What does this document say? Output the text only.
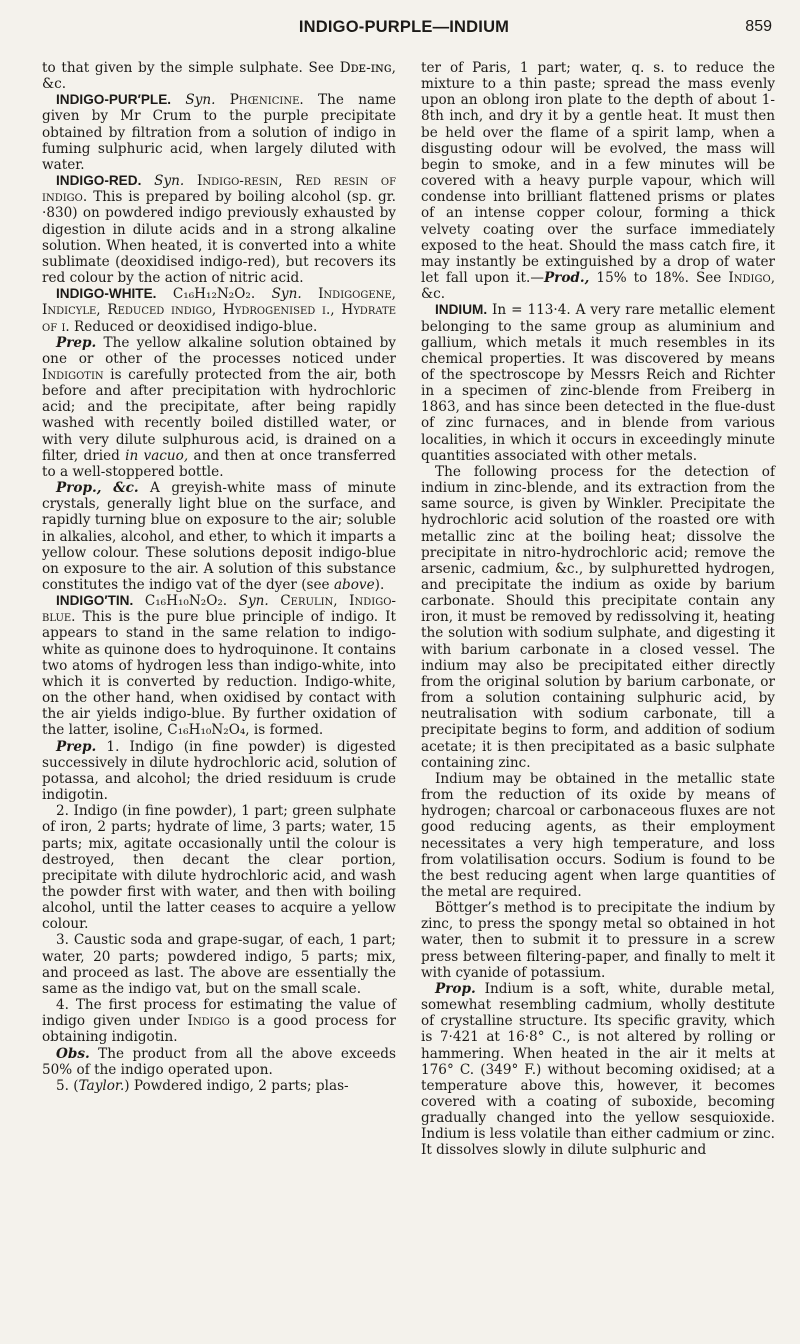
INDIGO-PURPLE—INDIUM	859

to that given by the simple sulphate. See Dᴅᴇ‑ɪɴɢ, &c.

INDIGO-PUR′PLE. Syn. Phœnicine. The name given by Mr Crum to the purple precipitate obtained by filtration from a solution of indigo in fuming sulphuric acid, when largely diluted with water.

INDIGO-RED. Syn. Indigo-resin, Red resin of indigo. This is prepared by boiling alcohol (sp. gr. ·830) on powdered indigo previously exhausted by digestion in dilute acids and in a strong alkaline solution. When heated, it is converted into a white sublimate (deoxidised indigo-red), but recovers its red colour by the action of nitric acid.

INDIGO-WHITE. C₁₆H₁₂N₂O₂. Syn. Indigogene, Indicyle, Reduced indigo, Hydrogenised i., Hydrate of i. Reduced or deoxidised indigo-blue.

Prep. The yellow alkaline solution obtained by one or other of the processes noticed under Indigotin is carefully protected from the air, both before and after precipitation with hydrochloric acid; and the precipitate, after being rapidly washed with recently boiled distilled water, or with very dilute sulphurous acid, is drained on a filter, dried in vacuo, and then at once transferred to a well-stoppered bottle.

Prop., &c. A greyish-white mass of minute crystals, generally light blue on the surface, and rapidly turning blue on exposure to the air; soluble in alkalies, alcohol, and ether, to which it imparts a yellow colour. These solutions deposit indigo-blue on exposure to the air. A solution of this substance constitutes the indigo vat of the dyer (see above).

INDIGO′TIN. C₁₆H₁₀N₂O₂. Syn. Cerulin, Indigo-blue. This is the pure blue principle of indigo. It appears to stand in the same relation to indigo-white as quinone does to hydroquinone. It contains two atoms of hydrogen less than indigo-white, into which it is converted by reduction. Indigo-white, on the other hand, when oxidised by contact with the air yields indigo-blue. By further oxidation of the latter, isoline, C₁₆H₁₀N₂O₄, is formed.

Prep. 1. Indigo (in fine powder) is digested successively in dilute hydrochloric acid, solution of potassa, and alcohol; the dried residuum is crude indigotin.

2. Indigo (in fine powder), 1 part; green sulphate of iron, 2 parts; hydrate of lime, 3 parts; water, 15 parts; mix, agitate occasionally until the colour is destroyed, then decant the clear portion, precipitate with dilute hydrochloric acid, and wash the powder first with water, and then with boiling alcohol, until the latter ceases to acquire a yellow colour.

3. Caustic soda and grape-sugar, of each, 1 part; water, 20 parts; powdered indigo, 5 parts; mix, and proceed as last. The above are essentially the same as the indigo vat, but on the small scale.

4. The first process for estimating the value of indigo given under Indigo is a good process for obtaining indigotin.

Obs. The product from all the above exceeds 50% of the indigo operated upon.

5. (Taylor.) Powdered indigo, 2 parts; plas-

ter of Paris, 1 part; water, q. s. to reduce the mixture to a thin paste; spread the mass evenly upon an oblong iron plate to the depth of about 1-8th inch, and dry it by a gentle heat. It must then be held over the flame of a spirit lamp, when a disgusting odour will be evolved, the mass will begin to smoke, and in a few minutes will be covered with a heavy purple vapour, which will condense into brilliant flattened prisms or plates of an intense copper colour, forming a thick velvety coating over the surface immediately exposed to the heat. Should the mass catch fire, it may instantly be extinguished by a drop of water let fall upon it.—Prod., 15% to 18%. See Indigo, &c.

INDIUM. In = 113·4. A very rare metallic element belonging to the same group as aluminium and gallium, which metals it much resembles in its chemical properties. It was discovered by means of the spectroscope by Messrs Reich and Richter in a specimen of zinc-blende from Freiberg in 1863, and has since been detected in the flue-dust of zinc furnaces, and in blende from various localities, in which it occurs in exceedingly minute quantities associated with other metals.

The following process for the detection of indium in zinc-blende, and its extraction from the same source, is given by Winkler. Precipitate the hydrochloric acid solution of the roasted ore with metallic zinc at the boiling heat; dissolve the precipitate in nitro-hydrochloric acid; remove the arsenic, cadmium, &c., by sulphuretted hydrogen, and precipitate the indium as oxide by barium carbonate. Should this precipitate contain any iron, it must be removed by redissolving it, heating the solution with sodium sulphate, and digesting it with barium carbonate in a closed vessel. The indium may also be precipitated either directly from the original solution by barium carbonate, or from a solution containing sulphuric acid, by neutralisation with sodium carbonate, till a precipitate begins to form, and addition of sodium acetate; it is then precipitated as a basic sulphate containing zinc.

Indium may be obtained in the metallic state from the reduction of its oxide by means of hydrogen; charcoal or carbonaceous fluxes are not good reducing agents, as their employment necessitates a very high temperature, and loss from volatilisation occurs. Sodium is found to be the best reducing agent when large quantities of the metal are required.

Böttger’s method is to precipitate the indium by zinc, to press the spongy metal so obtained in hot water, then to submit it to pressure in a screw press between filtering-paper, and finally to melt it with cyanide of potassium.

Prop. Indium is a soft, white, durable metal, somewhat resembling cadmium, wholly destitute of crystalline structure. Its specific gravity, which is 7·421 at 16·8° C., is not altered by rolling or hammering. When heated in the air it melts at 176° C. (349° F.) without becoming oxidised; at a temperature above this, however, it becomes covered with a coating of suboxide, becoming gradually changed into the yellow sesquioxide. Indium is less volatile than either cadmium or zinc. It dissolves slowly in dilute sulphuric and
